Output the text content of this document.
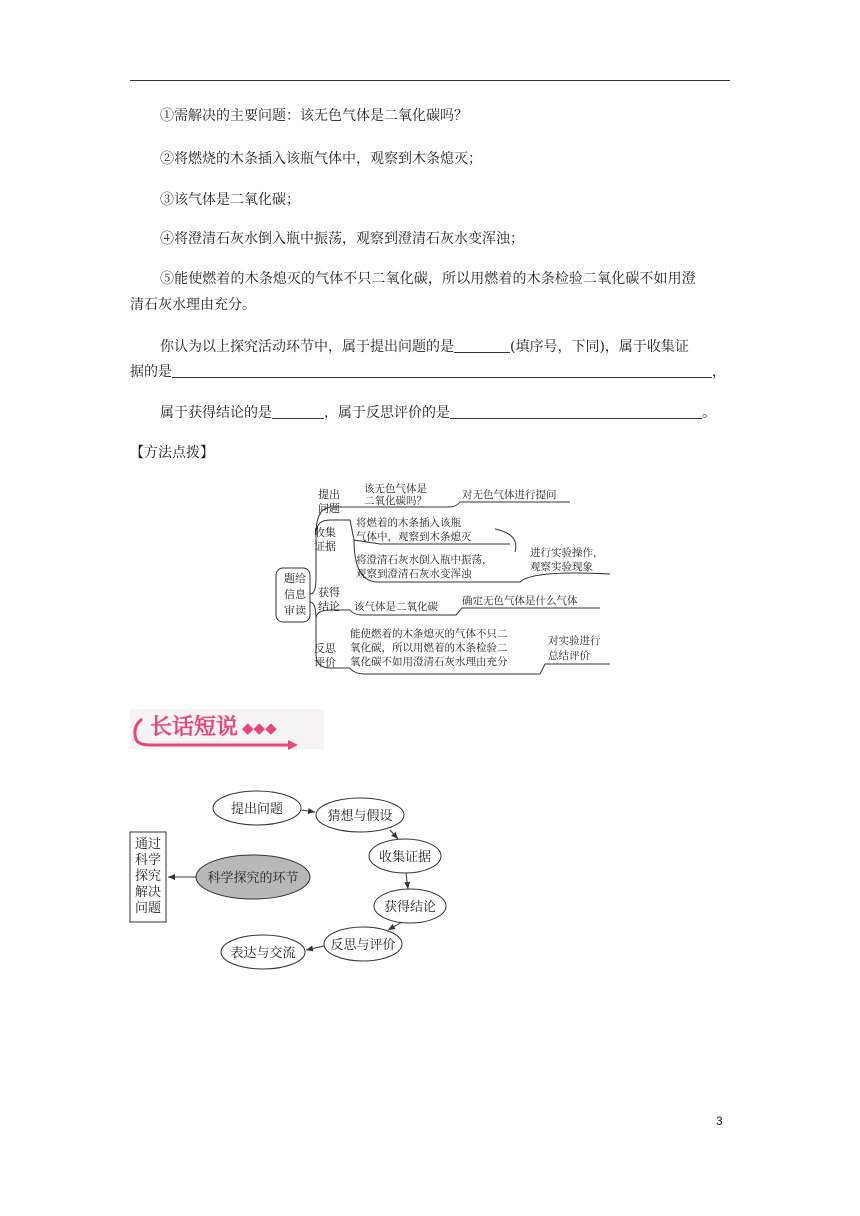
①需解决的主要问题：该无色气体是二氧化碳吗？
②将燃烧的木条插入该瓶气体中，观察到木条熄灭；
③该气体是二氧化碳；
④将澄清石灰水倒入瓶中振荡，观察到澄清石灰水变浑浊；
⑤能使燃着的木条熄灭的气体不只二氧化碳，所以用燃着的木条检验二氧化碳不如用澄
清石灰水理由充分。
你认为以上探究活动环节中，属于提出问题的是	(填序号，下同)，属于收集证
据的是	，
属于获得结论的是	，属于反思评价的是	。
【方法点拨】
题给
信息
审读
提出
问题
该无色气体是
二氧化碳吗？	对无色气体进行提问
收集
证据
将燃着的木条插入该瓶
气体中，观察到木条熄灭
将澄清石灰水倒入瓶中振荡，
观察到澄清石灰水变浑浊
进行实验操作，
观察实验现象
获得
结论 该气体是二氧化碳 确定无色气体是什么气体
反思
评价
能使燃着的木条熄灭的气体不只二
氧化碳，所以用燃着的木条检验二
氧化碳不如用澄清石灰水理由充分
对实验进行
总结评价
长话短说 ◆◆◆
提出问题	猜想与假设
收集证据
获得结论
反思与评价
表达与交流
科学探究的环节
通过
科学
探究
解决
问题
3
